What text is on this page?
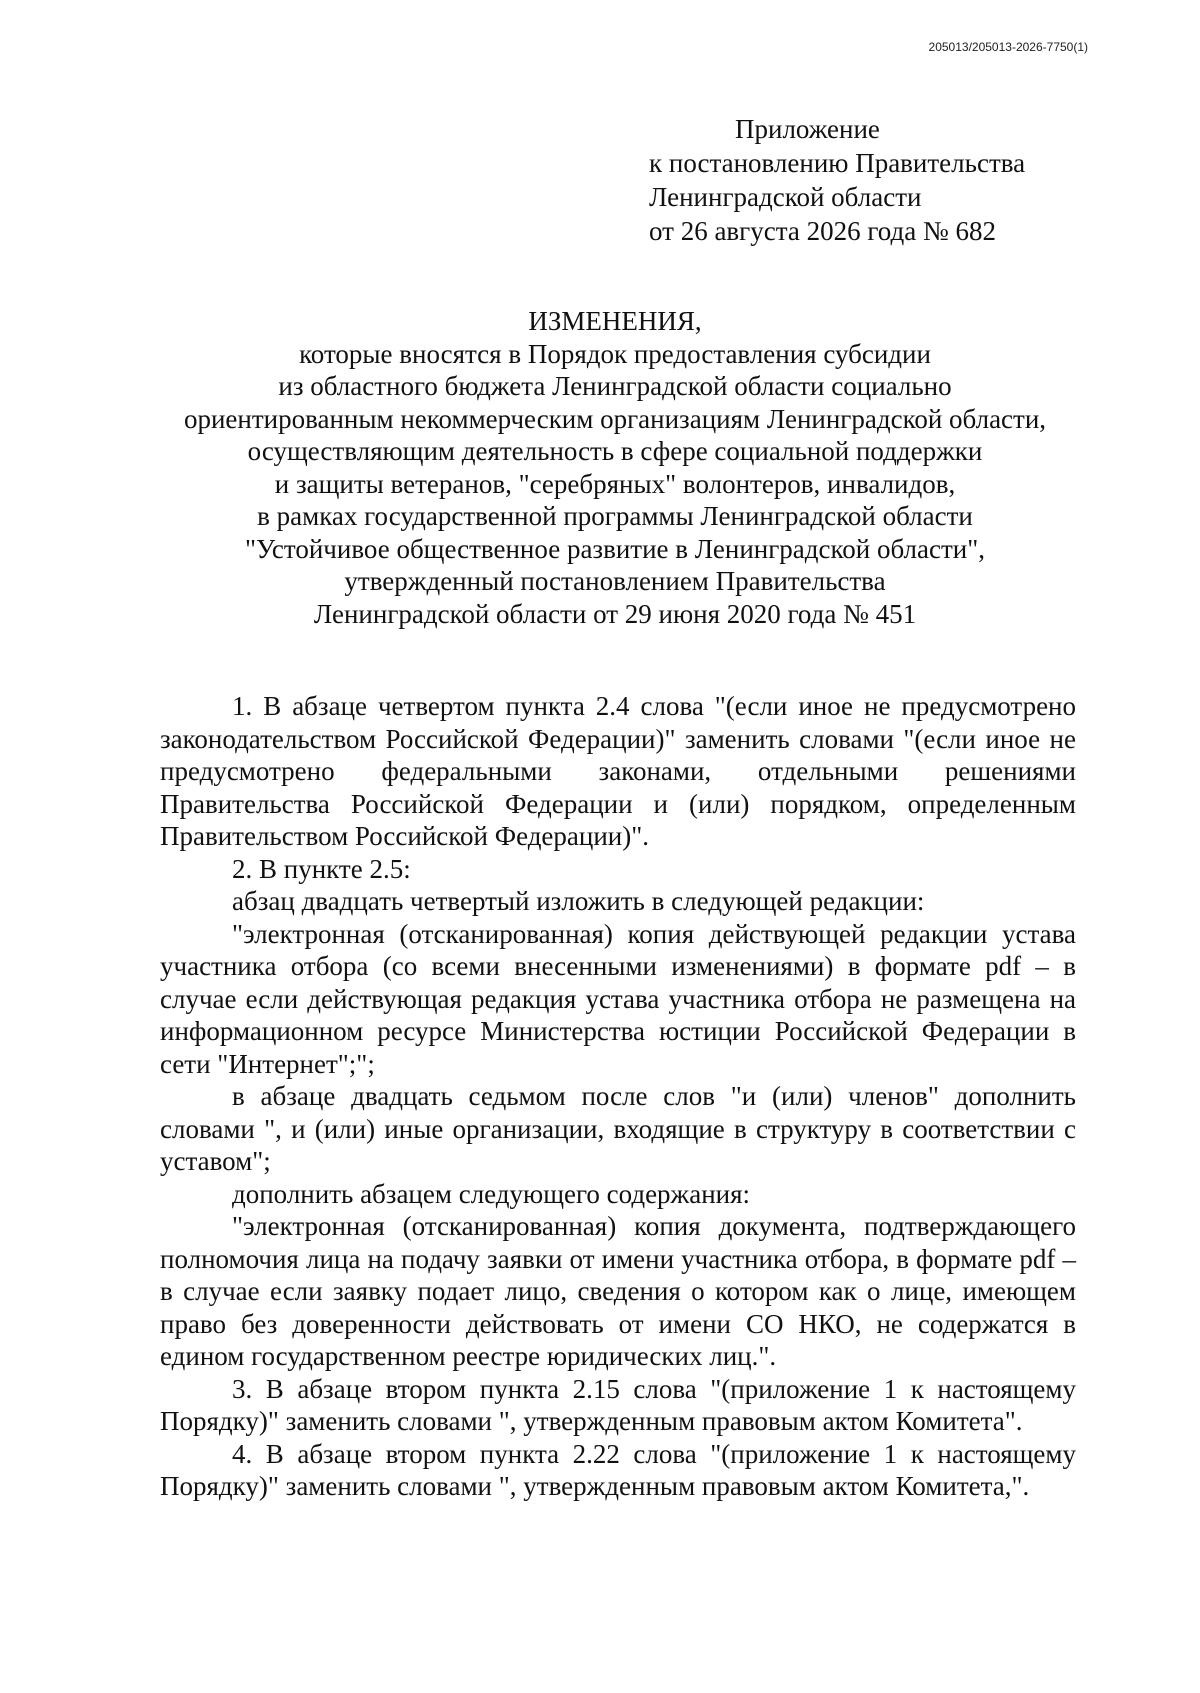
205013/205013-2026-7750(1)
Приложение
к постановлению Правительства
Ленинградской области
от 26 августа 2026 года № 682
ИЗМЕНЕНИЯ,
которые вносятся в Порядок предоставления субсидии
из областного бюджета Ленинградской области социально
ориентированным некоммерческим организациям Ленинградской области,
осуществляющим деятельность в сфере социальной поддержки
и защиты ветеранов, "серебряных" волонтеров, инвалидов,
в рамках государственной программы Ленинградской области
"Устойчивое общественное развитие в Ленинградской области",
утвержденный постановлением Правительства
Ленинградской области от 29 июня 2020 года № 451

1. В абзаце четвертом пункта 2.4 слова "(если иное не предусмотрено законодательством Российской Федерации)" заменить словами "(если иное не предусмотрено федеральными законами, отдельными решениями Правительства Российской Федерации и (или) порядком, определенным Правительством Российской Федерации)".

2. В пункте 2.5:

абзац двадцать четвертый изложить в следующей редакции:

"электронная (отсканированная) копия действующей редакции устава участника отбора (со всеми внесенными изменениями) в формате pdf – в случае если действующая редакция устава участника отбора не размещена на информационном ресурсе Министерства юстиции Российской Федерации в сети "Интернет";";

в абзаце двадцать седьмом после слов "и (или) членов" дополнить словами ", и (или) иные организации, входящие в структуру в соответствии с уставом";

дополнить абзацем следующего содержания:

"электронная (отсканированная) копия документа, подтверждающего полномочия лица на подачу заявки от имени участника отбора, в формате pdf – в случае если заявку подает лицо, сведения о котором как о лице, имеющем право без доверенности действовать от имени СО НКО, не содержатся в едином государственном реестре юридических лиц.".

3. В абзаце втором пункта 2.15 слова "(приложение 1 к настоящему Порядку)" заменить словами ", утвержденным правовым актом Комитета".

4. В абзаце втором пункта 2.22 слова "(приложение 1 к настоящему Порядку)" заменить словами ", утвержденным правовым актом Комитета,".
